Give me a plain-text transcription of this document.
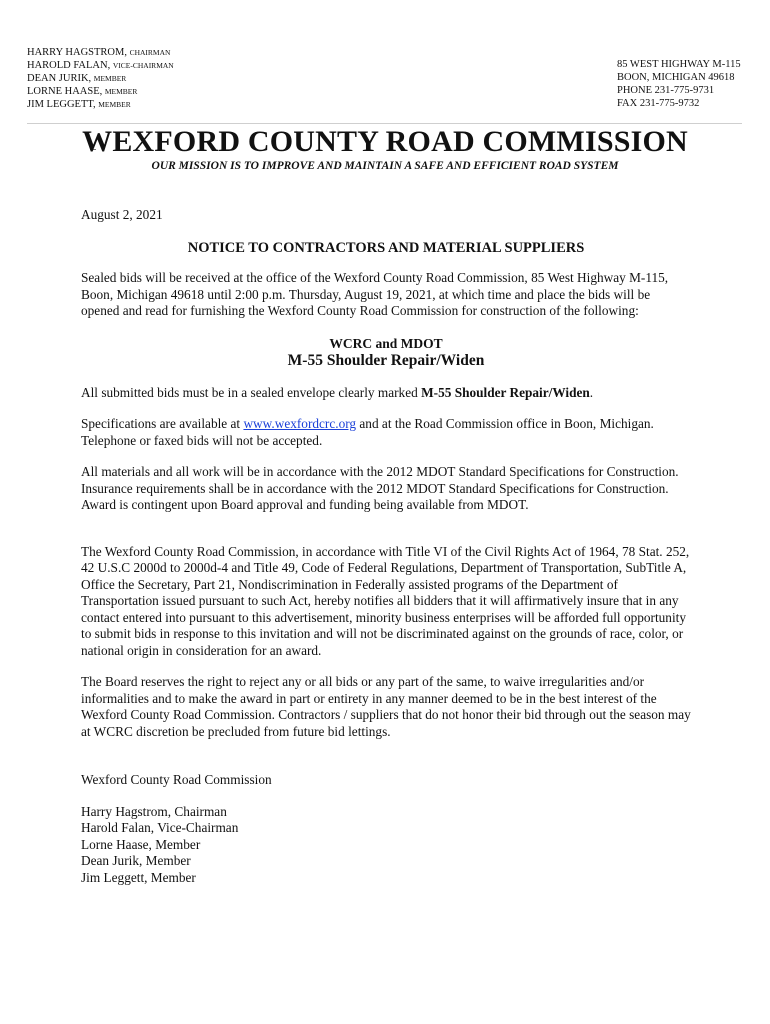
HARRY HAGSTROM, CHAIRMAN
HAROLD FALAN, VICE-CHAIRMAN
DEAN JURIK, MEMBER
LORNE HAASE, MEMBER
JIM LEGGETT, MEMBER
85 WEST HIGHWAY M-115
BOON, MICHIGAN 49618
PHONE 231-775-9731
FAX 231-775-9732
WEXFORD COUNTY ROAD COMMISSION
OUR MISSION IS TO IMPROVE AND MAINTAIN A SAFE AND EFFICIENT ROAD SYSTEM

August 2, 2021

NOTICE TO CONTRACTORS AND MATERIAL SUPPLIERS

Sealed bids will be received at the office of the Wexford County Road Commission, 85 West Highway M-115, Boon, Michigan 49618 until 2:00 p.m. Thursday, August 19, 2021, at which time and place the bids will be opened and read for furnishing the Wexford County Road Commission for construction of the following:

WCRC and MDOT

M-55 Shoulder Repair/Widen

All submitted bids must be in a sealed envelope clearly marked M-55 Shoulder Repair/Widen.

Specifications are available at www.wexfordcrc.org and at the Road Commission office in Boon, Michigan. Telephone or faxed bids will not be accepted.

All materials and all work will be in accordance with the 2012 MDOT Standard Specifications for Construction.

Insurance requirements shall be in accordance with the 2012 MDOT Standard Specifications for Construction. Award is contingent upon Board approval and funding being available from MDOT.

The Wexford County Road Commission, in accordance with Title VI of the Civil Rights Act of 1964, 78 Stat. 252, 42 U.S.C 2000d to 2000d-4 and Title 49, Code of Federal Regulations, Department of Transportation, SubTitle A, Office the Secretary, Part 21, Nondiscrimination in Federally assisted programs of the Department of Transportation issued pursuant to such Act, hereby notifies all bidders that it will affirmatively insure that in any contact entered into pursuant to this advertisement, minority business enterprises will be afforded full opportunity to submit bids in response to this invitation and will not be discriminated against on the grounds of race, color, or national origin in consideration for an award.

The Board reserves the right to reject any or all bids or any part of the same, to waive irregularities and/or informalities and to make the award in part or entirety in any manner deemed to be in the best interest of the Wexford County Road Commission. Contractors / suppliers that do not honor their bid through out the season may at WCRC discretion be precluded from future bid lettings.

Wexford County Road Commission

Harry Hagstrom, Chairman
Harold Falan, Vice-Chairman
Lorne Haase, Member
Dean Jurik, Member
Jim Leggett, Member
